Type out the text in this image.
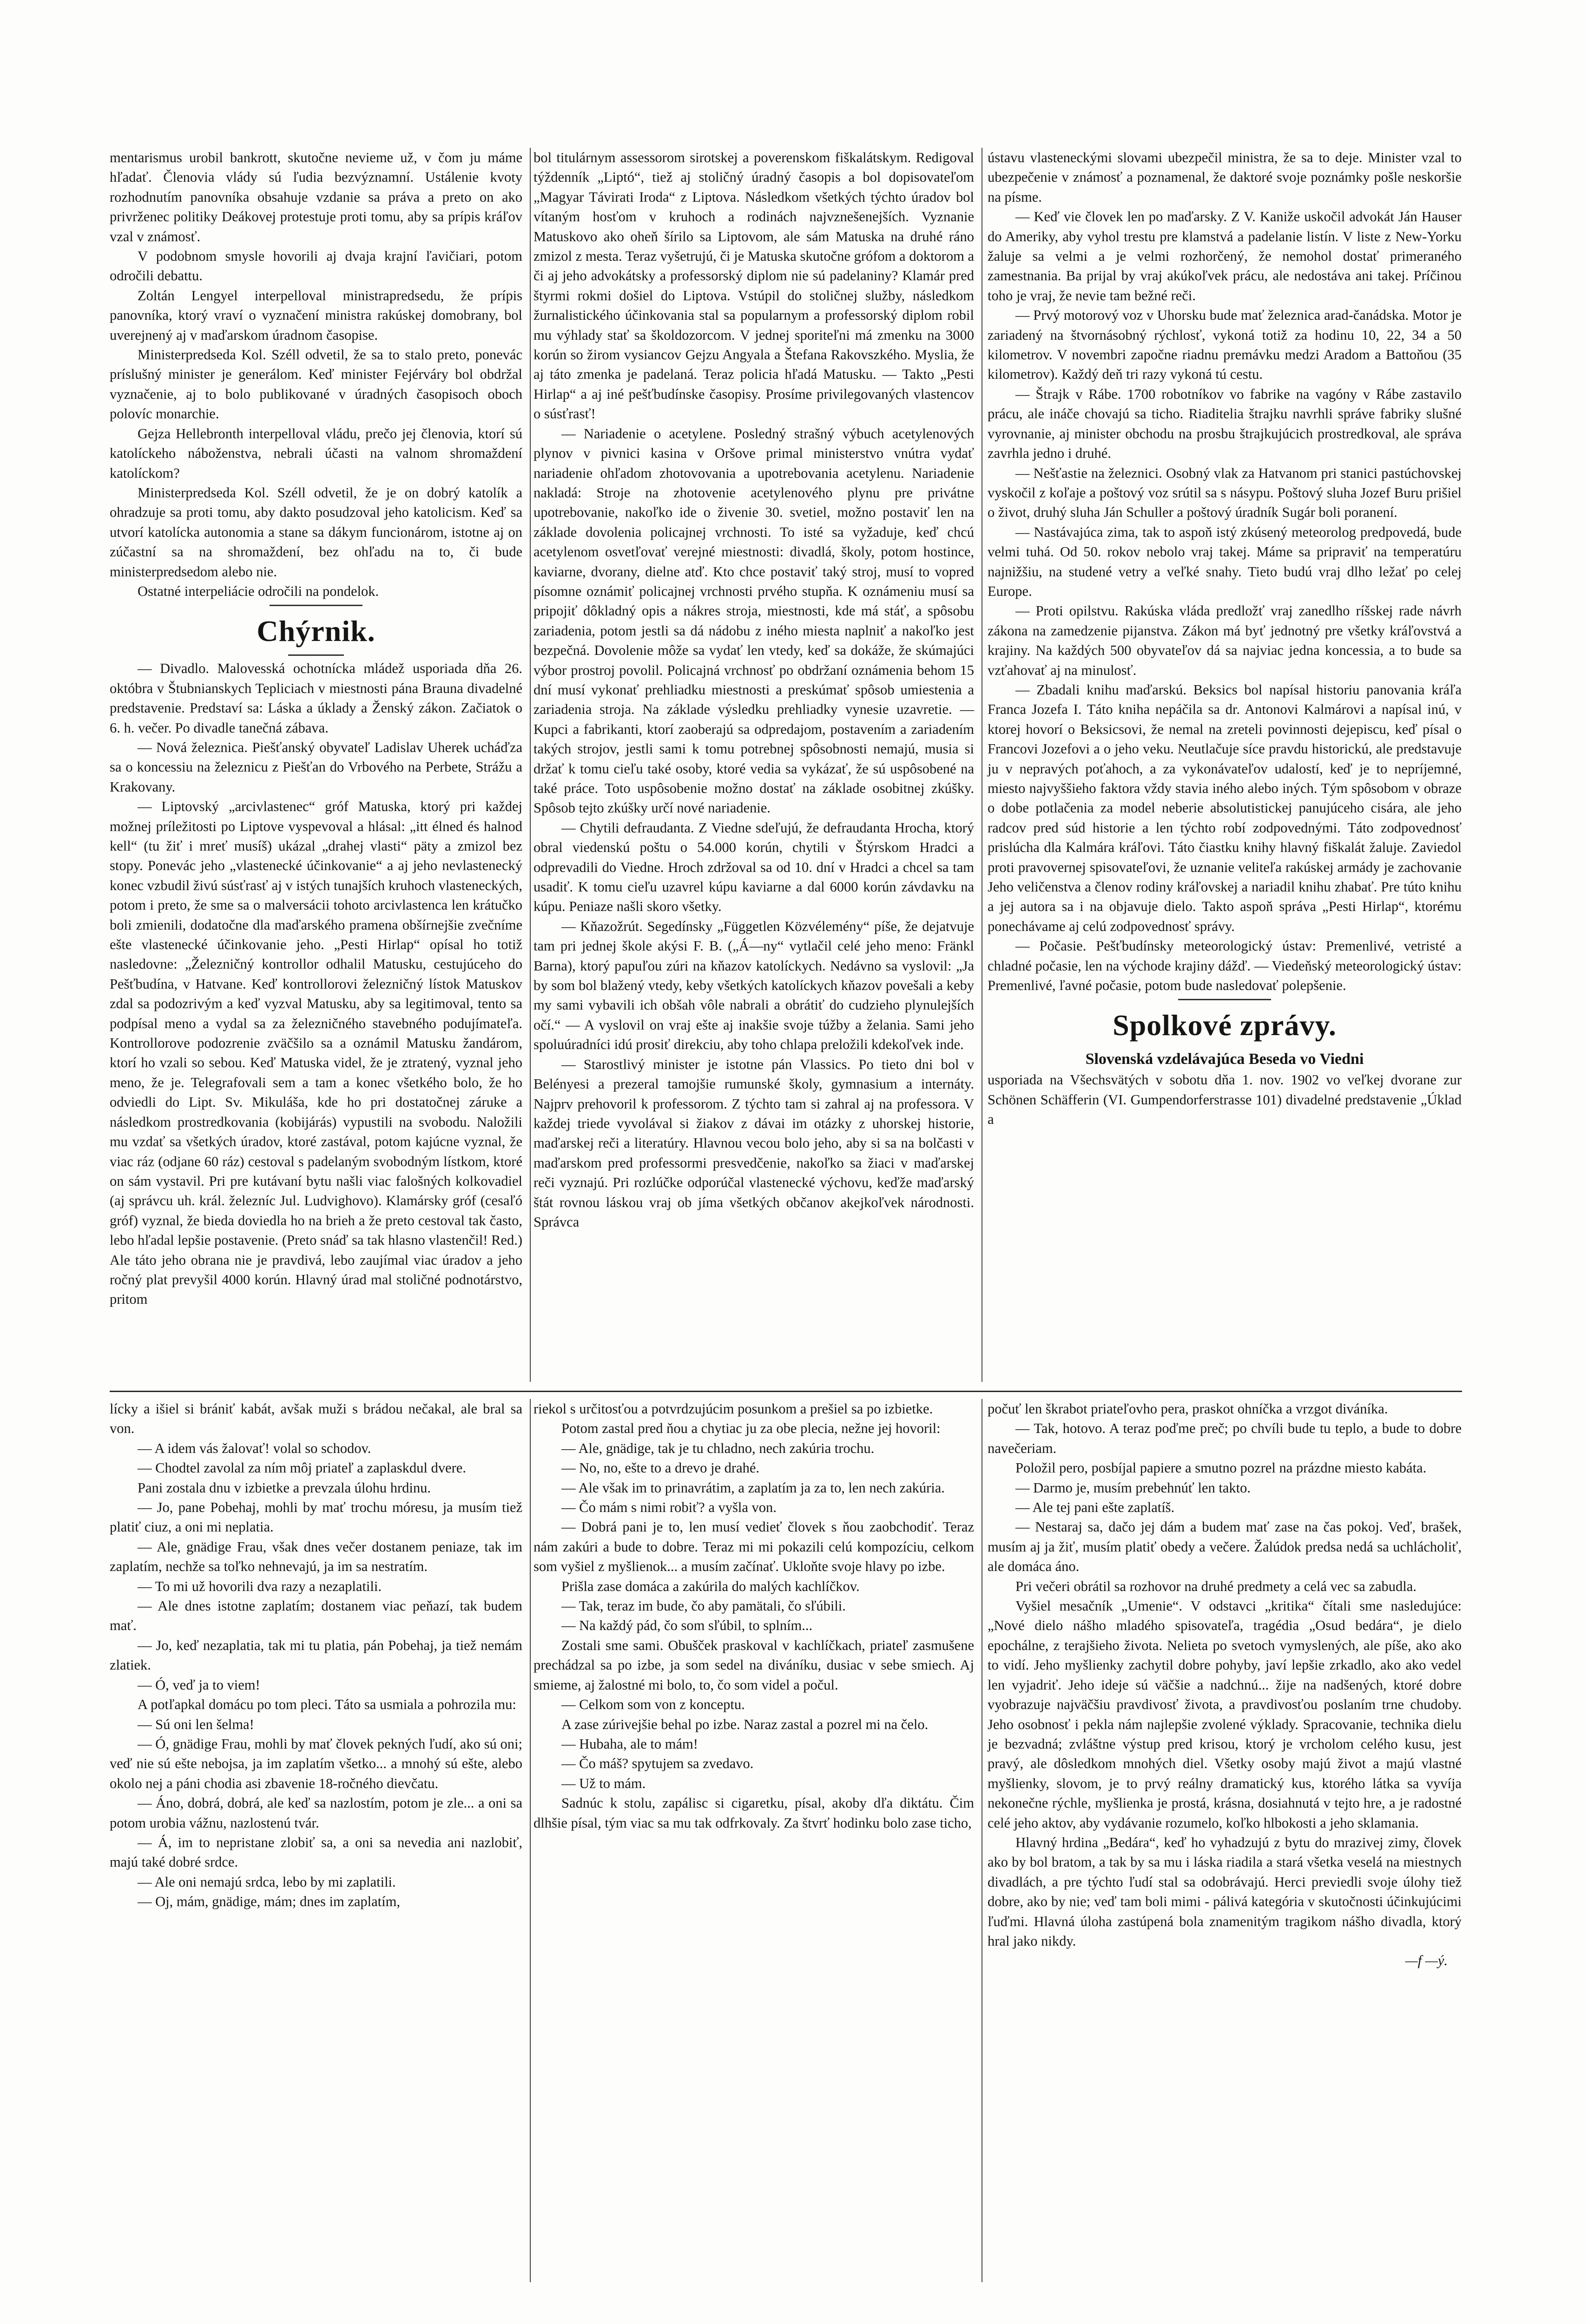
mentarismus urobil bankrott, skutočne nevieme už, v čom ju máme hľadať. Členovia vlády sú ľudia bezvýznamní. Ustálenie kvoty rozhodnutím panovníka obsahuje vzdanie sa práva a preto on ako privrženec politiky Deákovej protestuje proti tomu, aby sa prípis kráľov vzal v známosť.

V podobnom smysle hovorili aj dvaja krajní ľavičiari, potom odročili debattu.

Zoltán Lengyel interpelloval ministrapredsedu, že prípis panovníka, ktorý vraví o vyznačení ministra rakúskej domobrany, bol uverejnený aj v maďarskom úradnom časopise.

Ministerpredseda Kol. Széll odvetil, že sa to stalo preto, ponevác príslušný minister je generálom. Keď minister Fejérváry bol obdržal vyznačenie, aj to bolo publikované v úradných časopisoch oboch polovíc monarchie.

Gejza Hellebronth interpelloval vládu, prečo jej členovia, ktorí sú katolíckeho náboženstva, nebrali účasti na valnom shromaždení katolíckom?

Ministerpredseda Kol. Széll odvetil, že je on dobrý katolík a ohradzuje sa proti tomu, aby dakto posudzoval jeho katolicism. Keď sa utvorí katolícka autonomia a stane sa dákym funcionárom, istotne aj on zúčastní sa na shromaždení, bez ohľadu na to, či bude ministerpredsedom alebo nie.

Ostatné interpeliácie odročili na pondelok.

Chýrnik.

— Divadlo. Malovesská ochotnícka mládež usporiada dňa 26. októbra v Štubnianskych Tepliciach v miestnosti pána Brauna divadelné predstavenie. Predstaví sa: Láska a úklady a Ženský zákon. Začiatok o 6. h. večer. Po divadle tanečná zábava.

— Nová železnica. Piešťanský obyvateľ Ladislav Uherek ucháďza sa o koncessiu na železnicu z Piešťan do Vrbového na Perbete, Strážu a Krakovany.

— Liptovský „arcivlastenec“ gróf Matuska, ktorý pri každej možnej príležitosti po Liptove vyspevoval a hlásal: „itt élned és halnod kell“ (tu žiť i mreť musíš) ukázal „drahej vlasti“ päty a zmizol bez stopy. Ponevác jeho „vlastenecké účinkovanie“ a aj jeho nevlastenecký konec vzbudil živú súsťrasť aj v istých tunajších kruhoch vlasteneckých, potom i preto, že sme sa o malversácii tohoto arcivlastenca len krátučko boli zmienili, dodatočne dla maďarského pramena obšírnejšie zvečníme ešte vlastenecké účinkovanie jeho. „Pesti Hirlap“ opísal ho totiž nasledovne: „Železničný kontrollor odhalil Matusku, cestujúceho do Pešťbudína, v Hatvane. Keď kontrollorovi železničný lístok Matuskov zdal sa podozrivým a keď vyzval Matusku, aby sa legitimoval, tento sa podpísal meno a vydal sa za železničného stavebného podujímateľa. Kontrollorove podozrenie zväčšilo sa a oznámil Matusku žandárom, ktorí ho vzali so sebou. Keď Matuska videl, že je ztratený, vyznal jeho meno, že je. Telegrafovali sem a tam a konec všetkého bolo, že ho odviedli do Lipt. Sv. Mikuláša, kde ho pri dostatočnej záruke a následkom prostredkovania (kobijárás) vypustili na svobodu. Naložili mu vzdať sa všetkých úradov, ktoré zastával, potom kajúcne vyznal, že viac ráz (odjane 60 ráz) cestoval s padelaným svobodným lístkom, ktoré on sám vystavil. Pri pre kutávaní bytu našli viac falošných kolkovadiel (aj správcu uh. král. železníc Jul. Ludvighovo). Klamársky gróf (cesaľó gróf) vyznal, že bieda doviedla ho na brieh a že preto cestoval tak často, lebo hľadal lepšie postavenie. (Preto snáď sa tak hlasno vlastenčil! Red.) Ale táto jeho obrana nie je pravdivá, lebo zaujímal viac úradov a jeho ročný plat prevyšil 4000 korún. Hlavný úrad mal stoličné podnotárstvo, pritom

bol titulárnym assessorom sirotskej a poverenskom fiškalátskym. Redigoval týždenník „Liptó“, tiež aj stoličný úradný časopis a bol dopisovateľom „Magyar Távirati Iroda“ z Liptova. Následkom všetkých týchto úradov bol vítaným hosťom v kruhoch a rodinách najvznešenejších. Vyznanie Matuskovo ako oheň šírilo sa Liptovom, ale sám Matuska na druhé ráno zmizol z mesta. Teraz vyšetrujú, či je Matuska skutočne grófom a doktorom a či aj jeho advokátsky a professorský diplom nie sú padelaniny? Klamár pred štyrmi rokmi došiel do Liptova. Vstúpil do stoličnej služby, následkom žurnalistického účinkovania stal sa popularnym a professorský diplom robil mu výhlady stať sa školdozorcom. V jednej sporiteľni má zmenku na 3000 korún so žirom vysiancov Gejzu Angyala a Štefana Rakovszkého. Myslia, že aj táto zmenka je padelaná. Teraz policia hľadá Matusku. — Takto „Pesti Hirlap“ a aj iné pešťbudínske časopisy. Prosíme privilegovaných vlastencov o súsťrasť!

— Nariadenie o acetylene. Posledný strašný výbuch acetylenových plynov v pivnici kasina v Oršove primal ministerstvo vnútra vydať nariadenie ohľadom zhotovovania a upotrebovania acetylenu. Nariadenie nakladá: Stroje na zhotovenie acetylenového plynu pre privátne upotrebovanie, nakoľko ide o živenie 30. svetiel, možno postaviť len na základe dovolenia policajnej vrchnosti. To isté sa vyžaduje, keď chcú acetylenom osvetľovať verejné miestnosti: divadlá, školy, potom hostince, kaviarne, dvorany, dielne atď. Kto chce postaviť taký stroj, musí to vopred písomne oznámiť policajnej vrchnosti prvého stupňa. K oznámeniu musí sa pripojiť dôkladný opis a nákres stroja, miestnosti, kde má stáť, a spôsobu zariadenia, potom jestli sa dá nádobu z iného miesta naplniť a nakoľko jest bezpečná. Dovolenie môže sa vydať len vtedy, keď sa dokáže, že skúmajúci výbor prostroj povolil. Policajná vrchnosť po obdržaní oznámenia behom 15 dní musí vykonať prehliadku miestnosti a preskúmať spôsob umiestenia a zariadenia stroja. Na základe výsledku prehliadky vynesie uzavretie. — Kupci a fabrikanti, ktorí zaoberajú sa odpredajom, postavením a zariadením takých strojov, jestli sami k tomu potrebnej spôsobnosti nemajú, musia si držať k tomu cieľu také osoby, ktoré vedia sa vykázať, že sú uspôsobené na také práce. Toto uspôsobenie možno dostať na základe osobitnej zkúšky. Spôsob tejto zkúšky určí nové nariadenie.

— Chytili defraudanta. Z Viedne sdeľujú, že defraudanta Hrocha, ktorý obral viedenskú poštu o 54.000 korún, chytili v Štýrskom Hradci a odprevadili do Viedne. Hroch zdržoval sa od 10. dní v Hradci a chcel sa tam usadiť. K tomu cieľu uzavrel kúpu kaviarne a dal 6000 korún závdavku na kúpu. Peniaze našli skoro všetky.

— Kňazožrút. Segedínsky „Független Közvélemény“ píše, že dejatvuje tam pri jednej škole akýsi F. B. („Á—ny“ vytlačil celé jeho meno: Fränkl Barna), ktorý papuľou zúri na kňazov katolíckych. Nedávno sa vyslovil: „Ja by som bol blažený vtedy, keby všetkých katolíckych kňazov povešali a keby my sami vybavili ich obšah vôle nabrali a obrátiť do cudzieho plynulejších očí.“ — A vyslovil on vraj ešte aj inakšie svoje túžby a želania. Sami jeho spoluúradníci idú prosiť direkciu, aby toho chlapa preložili kdekoľvek inde.

— Starostlivý minister je istotne pán Vlassics. Po tieto dni bol v Belényesi a prezeral tamojšie rumunské školy, gymnasium a internáty. Najprv prehovoril k professorom. Z týchto tam si zahral aj na professora. V každej triede vyvolával si žiakov z dávai im otázky z uhorskej historie, maďarskej reči a literatúry. Hlavnou vecou bolo jeho, aby si sa na bolčasti v maďarskom pred professormi presvedčenie, nakoľko sa žiaci v maďarskej reči vyznajú. Pri rozlúčke odporúčal vlastenecké výchovu, keďže maďarský štát rovnou láskou vraj ob jíma všetkých občanov akejkoľvek národnosti. Správca

ústavu vlasteneckými slovami ubezpečil ministra, že sa to deje. Minister vzal to ubezpečenie v známosť a poznamenal, že daktoré svoje poznámky pošle neskoršie na písme.

— Keď vie človek len po maďarsky. Z V. Kaniže uskočil advokát Ján Hauser do Ameriky, aby vyhol trestu pre klamstvá a padelanie listín. V liste z New-Yorku žaluje sa velmi a je velmi rozhorčený, že nemohol dostať primeraného zamestnania. Ba prijal by vraj akúkoľvek prácu, ale nedostáva ani takej. Príčinou toho je vraj, že nevie tam bežné reči.

— Prvý motorový voz v Uhorsku bude mať železnica arad-čanádska. Motor je zariadený na štvornásobný rýchlosť, vykoná totiž za hodinu 10, 22, 34 a 50 kilometrov. V novembri započne riadnu premávku medzi Aradom a Battoňou (35 kilometrov). Každý deň tri razy vykoná tú cestu.

— Štrajk v Rábe. 1700 robotníkov vo fabrike na vagóny v Rábe zastavilo prácu, ale ináče chovajú sa ticho. Riaditelia štrajku navrhli správe fabriky slušné vyrovnanie, aj minister obchodu na prosbu štrajkujúcich prostredkoval, ale správa zavrhla jedno i druhé.

— Nešťastie na železnici. Osobný vlak za Hatvanom pri stanici pastúchovskej vyskočil z koľaje a poštový voz srútil sa s násypu. Poštový sluha Jozef Buru prišiel o život, druhý sluha Ján Schuller a poštový úradník Sugár boli poranení.

— Nastávajúca zima, tak to aspoň istý zkúsený meteorolog predpovedá, bude velmi tuhá. Od 50. rokov nebolo vraj takej. Máme sa pripraviť na temperatúru najnižšiu, na studené vetry a veľké snahy. Tieto budú vraj dlho ležať po celej Europe.

— Proti opilstvu. Rakúska vláda predložť vraj zanedlho ríšskej rade návrh zákona na zamedzenie pijanstva. Zákon má byť jednotný pre všetky kráľovstvá a krajiny. Na každých 500 obyvateľov dá sa najviac jedna koncessia, a to bude sa vzťahovať aj na minulosť.

— Zbadali knihu maďarskú. Beksics bol napísal historiu panovania kráľa Franca Jozefa I. Táto kniha nepáčila sa dr. Antonovi Kalmárovi a napísal inú, v ktorej hovorí o Beksicsovi, že nemal na zreteli povinnosti dejepiscu, keď písal o Francovi Jozefovi a o jeho veku. Neutlačuje síce pravdu historickú, ale predstavuje ju v nepravých poťahoch, a za vykonávateľov udalostí, keď je to nepríjemné, miesto najvyššieho faktora vždy stavia iného alebo iných. Tým spôsobom v obraze o dobe potlačenia za model neberie absolutistickej panujúceho cisára, ale jeho radcov pred súd historie a len týchto robí zodpovednými. Táto zodpovednosť prislúcha dla Kalmára kráľovi. Táto čiastku knihy hlavný fiškalát žaluje. Zaviedol proti pravovernej spisovateľovi, že uznanie veliteľa rakúskej armády je zachovanie Jeho veličenstva a členov rodiny kráľovskej a nariadil knihu zhabať. Pre túto knihu a jej autora sa i na objavuje dielo. Takto aspoň správa „Pesti Hirlap“, ktorému ponechávame aj celú zodpovednosť správy.

— Počasie. Pešťbudínsky meteorologický ústav: Premenlivé, vetristé a chladné počasie, len na východe krajiny dážď. — Viedeňský meteorologický ústav: Premenlivé, ľavné počasie, potom bude nasledovať polepšenie.

Spolkové zprávy.

Slovenská vzdelávajúca Beseda vo Viedni

usporiada na Všechsvätých v sobotu dňa 1. nov. 1902 vo veľkej dvorane zur Schönen Schäfferin (VI. Gumpendorferstrasse 101) divadelné predstavenie „Úklad a

lícky a išiel si brániť kabát, avšak muži s brádou nečakal, ale bral sa von.

— A idem vás žalovať! volal so schodov.

— Chodtel zavolal za ním môj priateľ a zaplaskdul dvere.

Pani zostala dnu v izbietke a prevzala úlohu hrdinu.

— Jo, pane Pobehaj, mohli by mať trochu móresu, ja musím tiež platiť ciuz, a oni mi neplatia.

— Ale, gnädige Frau, však dnes večer dostanem peniaze, tak im zaplatím, nechže sa toľko nehnevajú, ja im sa nestratím.

— To mi už hovorili dva razy a nezaplatili.

— Ale dnes istotne zaplatím; dostanem viac peňazí, tak budem mať.

— Jo, keď nezaplatia, tak mi tu platia, pán Pobehaj, ja tiež nemám zlatiek.

— Ó, veď ja to viem!

A potľapkal domácu po tom pleci. Táto sa usmiala a pohrozila mu:

— Sú oni len šelma!

— Ó, gnädige Frau, mohli by mať človek pekných ľudí, ako sú oni; veď nie sú ešte nebojsa, ja im zaplatím všetko... a mnohý sú ešte, alebo okolo nej a páni chodia asi zbavenie 18-ročného dievčatu.

— Áno, dobrá, dobrá, ale keď sa nazlostím, potom je zle... a oni sa potom urobia vážnu, nazlostenú tvár.

— Á, im to nepristane zlobiť sa, a oni sa nevedia ani nazlobiť, majú také dobré srdce.

— Ale oni nemajú srdca, lebo by mi zaplatili.

— Oj, mám, gnädige, mám; dnes im zaplatím,

riekol s určitosťou a potvrdzujúcim posunkom a prešiel sa po izbietke.

Potom zastal pred ňou a chytiac ju za obe plecia, nežne jej hovoril:

— Ale, gnädige, tak je tu chladno, nech zakúria trochu.

— No, no, ešte to a drevo je drahé.

— Ale však im to prinavrátim, a zaplatím ja za to, len nech zakúria.

— Čo mám s nimi robiť? a vyšla von.

— Dobrá pani je to, len musí vedieť človek s ňou zaobchodiť. Teraz nám zakúri a bude to dobre. Teraz mi mi pokazili celú kompozíciu, celkom som vyšiel z myšlienok... a musím začínať. Ukloňte svoje hlavy po izbe.

Prišla zase domáca a zakúrila do malých kachlíčkov.

— Tak, teraz im bude, čo aby pamätali, čo sľúbili.

— Na každý pád, čo som sľúbil, to splním...

Zostali sme sami. Obušček praskoval v kachlíčkach, priateľ zasmušene prechádzal sa po izbe, ja som sedel na diváníku, dusiac v sebe smiech. Aj smieme, aj žalostné mi bolo, to, čo som videl a počul.

— Celkom som von z konceptu.

A zase zúrivejšie behal po izbe. Naraz zastal a pozrel mi na čelo.

— Hubaha, ale to mám!

— Čo máš? spytujem sa zvedavo.

— Už to mám.

Sadnúc k stolu, zapálisc si cigaretku, písal, akoby dľa diktátu. Čim dlhšie písal, tým viac sa mu tak odfrkovaly. Za štvrť hodinku bolo zase ticho,

počuť len škrabot priateľovho pera, praskot ohníčka a vrzgot diváníka.

— Tak, hotovo. A teraz poďme preč; po chvíli bude tu teplo, a bude to dobre navečeriam.

Položil pero, posbíjal papiere a smutno pozrel na prázdne miesto kabáta.

— Darmo je, musím prebehnúť len takto.

— Ale tej pani ešte zaplatíš.

— Nestaraj sa, dačo jej dám a budem mať zase na čas pokoj. Veď, brašek, musím aj ja žiť, musím platiť obedy a večere. Žalúdok predsa nedá sa uchlácholiť, ale domáca áno.

Pri večeri obrátil sa rozhovor na druhé predmety a celá vec sa zabudla.

Vyšiel mesačník „Umenie“. V odstavci „kritika“ čítali sme nasledujúce: „Nové dielo nášho mladého spisovateľa, tragédia „Osud bedára“, je dielo epochálne, z terajšieho života. Nelieta po svetoch vymyslených, ale píše, ako ako to vidí. Jeho myšlienky zachytil dobre pohyby, javí lepšie zrkadlo, ako ako vedel len vyjadriť. Jeho ideje sú väčšie a nadchnú... žije na nadšených, ktoré dobre vyobrazuje najväčšiu pravdivosť života, a pravdivosťou poslaním trne chudoby. Jeho osobnosť i pekla nám najlepšie zvolené výklady. Spracovanie, technika dielu je bezvadná; zvláštne výstup pred krisou, ktorý je vrcholom celého kusu, jest pravý, ale dôsledkom mnohých diel. Všetky osoby majú život a majú vlastné myšlienky, slovom, je to prvý reálny dramatický kus, ktorého látka sa vyvíja nekonečne rýchle, myšlienka je prostá, krásna, dosiahnutá v tejto hre, a je radostné celé jeho aktov, aby vydávanie rozumelo, koľko hlbokosti a jeho sklamania.

Hlavný hrdina „Bedára“, keď ho vyhadzujú z bytu do mrazivej zimy, človek ako by bol bratom, a tak by sa mu i láska riadila a stará všetka veselá na miestnych divadlách, a pre týchto ľudí stal sa odobrávajú. Herci previedli svoje úlohy tiež dobre, ako by nie; veď tam boli mimi - pálivá kategória v skutočnosti účinkujúcimi ľuďmi. Hlavná úloha zastúpená bola znamenitým tragikom nášho divadla, ktorý hral jako nikdy.

—f —ý.
